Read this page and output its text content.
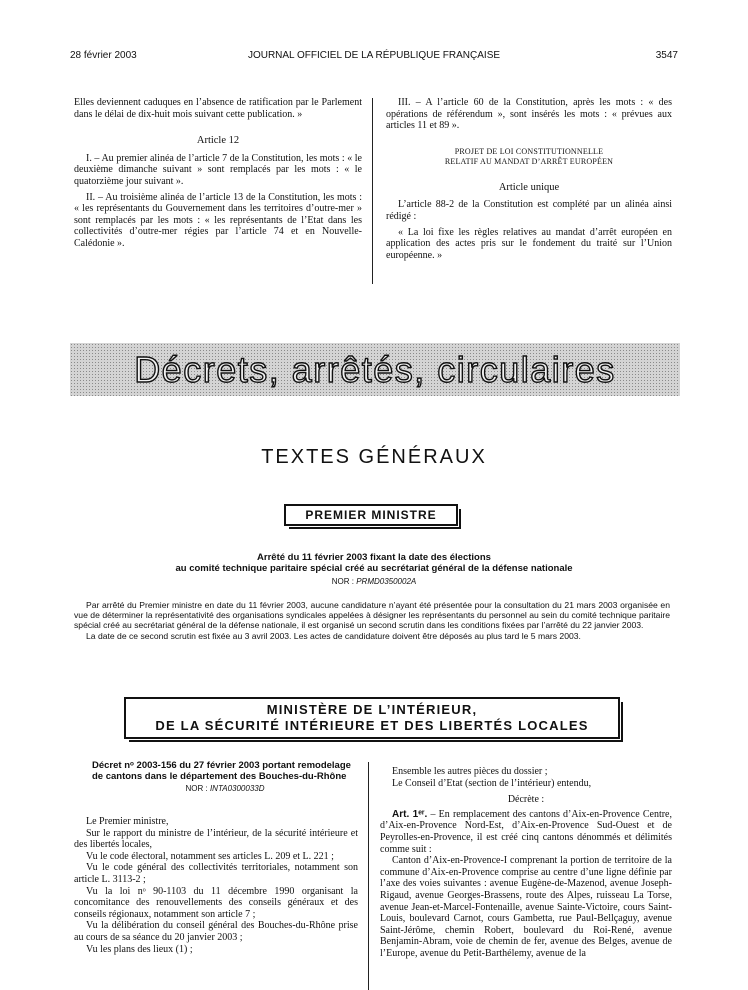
28 février 2003	JOURNAL OFFICIEL DE LA RÉPUBLIQUE FRANÇAISE	3547

Elles deviennent caduques en l’absence de ratification par le Parlement dans le délai de dix-huit mois suivant cette publication. »

Article 12

I. – Au premier alinéa de l’article 7 de la Constitution, les mots : « le deuxième dimanche suivant » sont remplacés par les mots : « le quatorzième jour suivant ».

II. – Au troisième alinéa de l’article 13 de la Constitution, les mots : « les représentants du Gouvernement dans les territoires d’outre-mer » sont remplacés par les mots : « les représentants de l’Etat dans les collectivités d’outre-mer régies par l’article 74 et en Nouvelle-Calédonie ».

III. – A l’article 60 de la Constitution, après les mots : « des opérations de référendum », sont insérés les mots : « prévues aux articles 11 et 89 ».

PROJET DE LOI CONSTITUTIONNELLE
RELATIF AU MANDAT D’ARRÊT EUROPÉEN
Article unique

L’article 88-2 de la Constitution est complété par un alinéa ainsi rédigé :

« La loi fixe les règles relatives au mandat d’arrêt européen en application des actes pris sur le fondement du traité sur l’Union européenne. »

Décrets, arrêtés, circulaires
TEXTES GÉNÉRAUX
PREMIER MINISTRE
Arrêté du 11 février 2003 fixant la date des élections
au comité technique paritaire spécial créé au secrétariat général de la défense nationale
NOR : PRMD0350002A

Par arrêté du Premier ministre en date du 11 février 2003, aucune candidature n’ayant été présentée pour la consultation du 21 mars 2003 organisée en vue de déterminer la représentativité des organisations syndicales appelées à désigner les représentants du personnel au sein du comité technique paritaire spécial créé au secrétariat général de la défense nationale, il est organisé un second scrutin dans les conditions fixées par l’arrêté du 22 janvier 2003.

La date de ce second scrutin est fixée au 3 avril 2003. Les actes de candidature doivent être déposés au plus tard le 5 mars 2003.

MINISTÈRE DE L’INTÉRIEUR,
DE LA SÉCURITÉ INTÉRIEURE ET DES LIBERTÉS LOCALES
Décret nᵒ 2003-156 du 27 février 2003 portant remodelage de cantons dans le département des Bouches-du-Rhône
NOR : INTA0300033D

Le Premier ministre,

Sur le rapport du ministre de l’intérieur, de la sécurité intérieure et des libertés locales,

Vu le code électoral, notamment ses articles L. 209 et L. 221 ;

Vu le code général des collectivités territoriales, notamment son article L. 3113-2 ;

Vu la loi nᵒ 90-1103 du 11 décembre 1990 organisant la concomitance des renouvellements des conseils généraux et des conseils régionaux, notamment son article 7 ;

Vu la délibération du conseil général des Bouches-du-Rhône prise au cours de sa séance du 20 janvier 2003 ;

Vu les plans des lieux (1) ;

Ensemble les autres pièces du dossier ;

Le Conseil d’Etat (section de l’intérieur) entendu,

Décrète :

Art. 1ᵉʳ. – En remplacement des cantons d’Aix-en-Provence Centre, d’Aix-en-Provence Nord-Est, d’Aix-en-Provence Sud-Ouest et de Peyrolles-en-Provence, il est créé cinq cantons dénommés et délimités comme suit :

Canton d’Aix-en-Provence-I comprenant la portion de territoire de la commune d’Aix-en-Provence comprise au centre d’une ligne définie par l’axe des voies suivantes : avenue Eugène-de-Mazenod, avenue Joseph-Rigaud, avenue Georges-Brassens, route des Alpes, ruisseau La Torse, avenue Jean-et-Marcel-Fontenaille, avenue Sainte-Victoire, cours Saint-Louis, boulevard Carnot, cours Gambetta, rue Paul-Bellçaguy, avenue Saint-Jérôme, chemin Robert, boulevard du Roi-René, avenue Benjamin-Abram, voie de chemin de fer, avenue des Belges, avenue de l’Europe, avenue du Petit-Barthélemy, avenue de la
